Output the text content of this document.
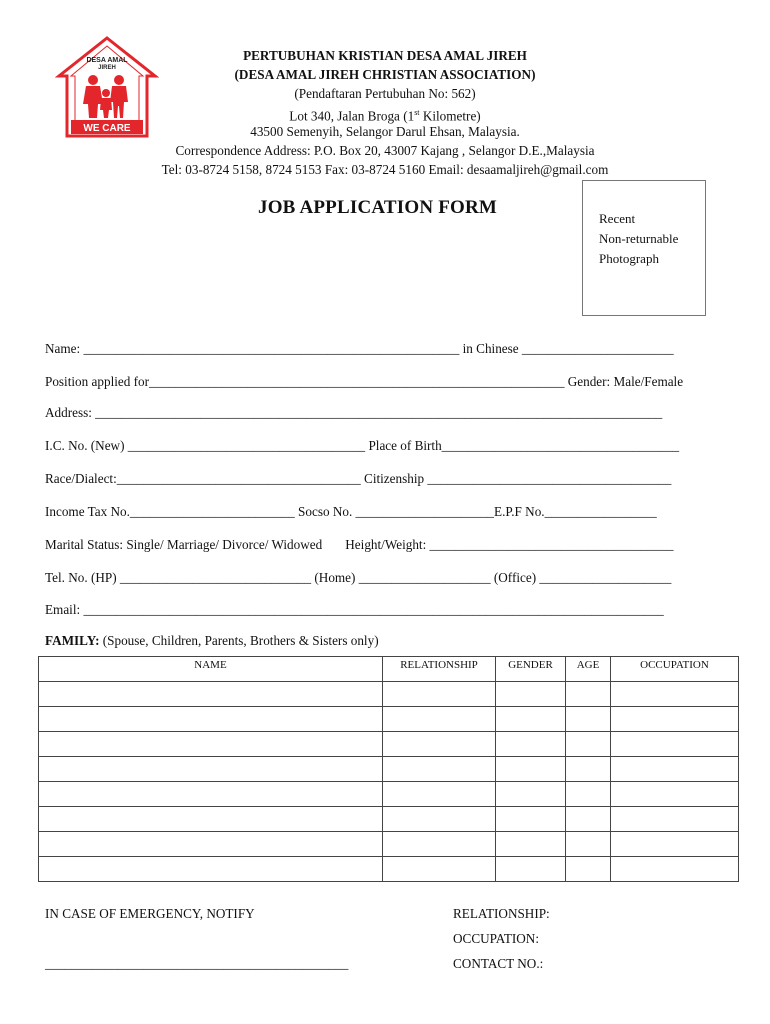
DESA AMAL
JIREH
WE CARE
PERTUBUHAN KRISTIAN DESA AMAL JIREH
(DESA AMAL JIREH CHRISTIAN ASSOCIATION)
(Pendaftaran Pertubuhan No: 562)
Lot 340, Jalan Broga (1st Kilometre)
43500 Semenyih, Selangor Darul Ehsan, Malaysia.
Correspondence Address: P.O. Box 20, 43007 Kajang , Selangor D.E.,Malaysia
Tel: 03-8724 5158, 8724 5153 Fax: 03-8724 5160 Email: desaamaljireh@gmail.com
JOB APPLICATION FORM
Recent
Non-returnable
Photograph
Name: _________________________________________________________ in Chinese _______________________
Position applied for_______________________________________________________________ Gender: Male/Female
Address: ______________________________________________________________________________________
I.C. No. (New) ____________________________________ Place of Birth____________________________________
Race/Dialect:_____________________________________ Citizenship _____________________________________
Income Tax No._________________________ Socso No. _____________________E.P.F No._________________
Marital Status: Single/ Marriage/ Divorce/ Widowed       Height/Weight: _____________________________________
Tel. No. (HP) _____________________________ (Home) ____________________ (Office) ____________________
Email: ________________________________________________________________________________________
FAMILY: (Spouse, Children, Parents, Brothers & Sisters only)
NAME	RELATIONSHIP	GENDER	AGE	OCCUPATION

IN CASE OF EMERGENCY, NOTIFY
______________________________________________
RELATIONSHIP:
OCCUPATION:
CONTACT NO.:
